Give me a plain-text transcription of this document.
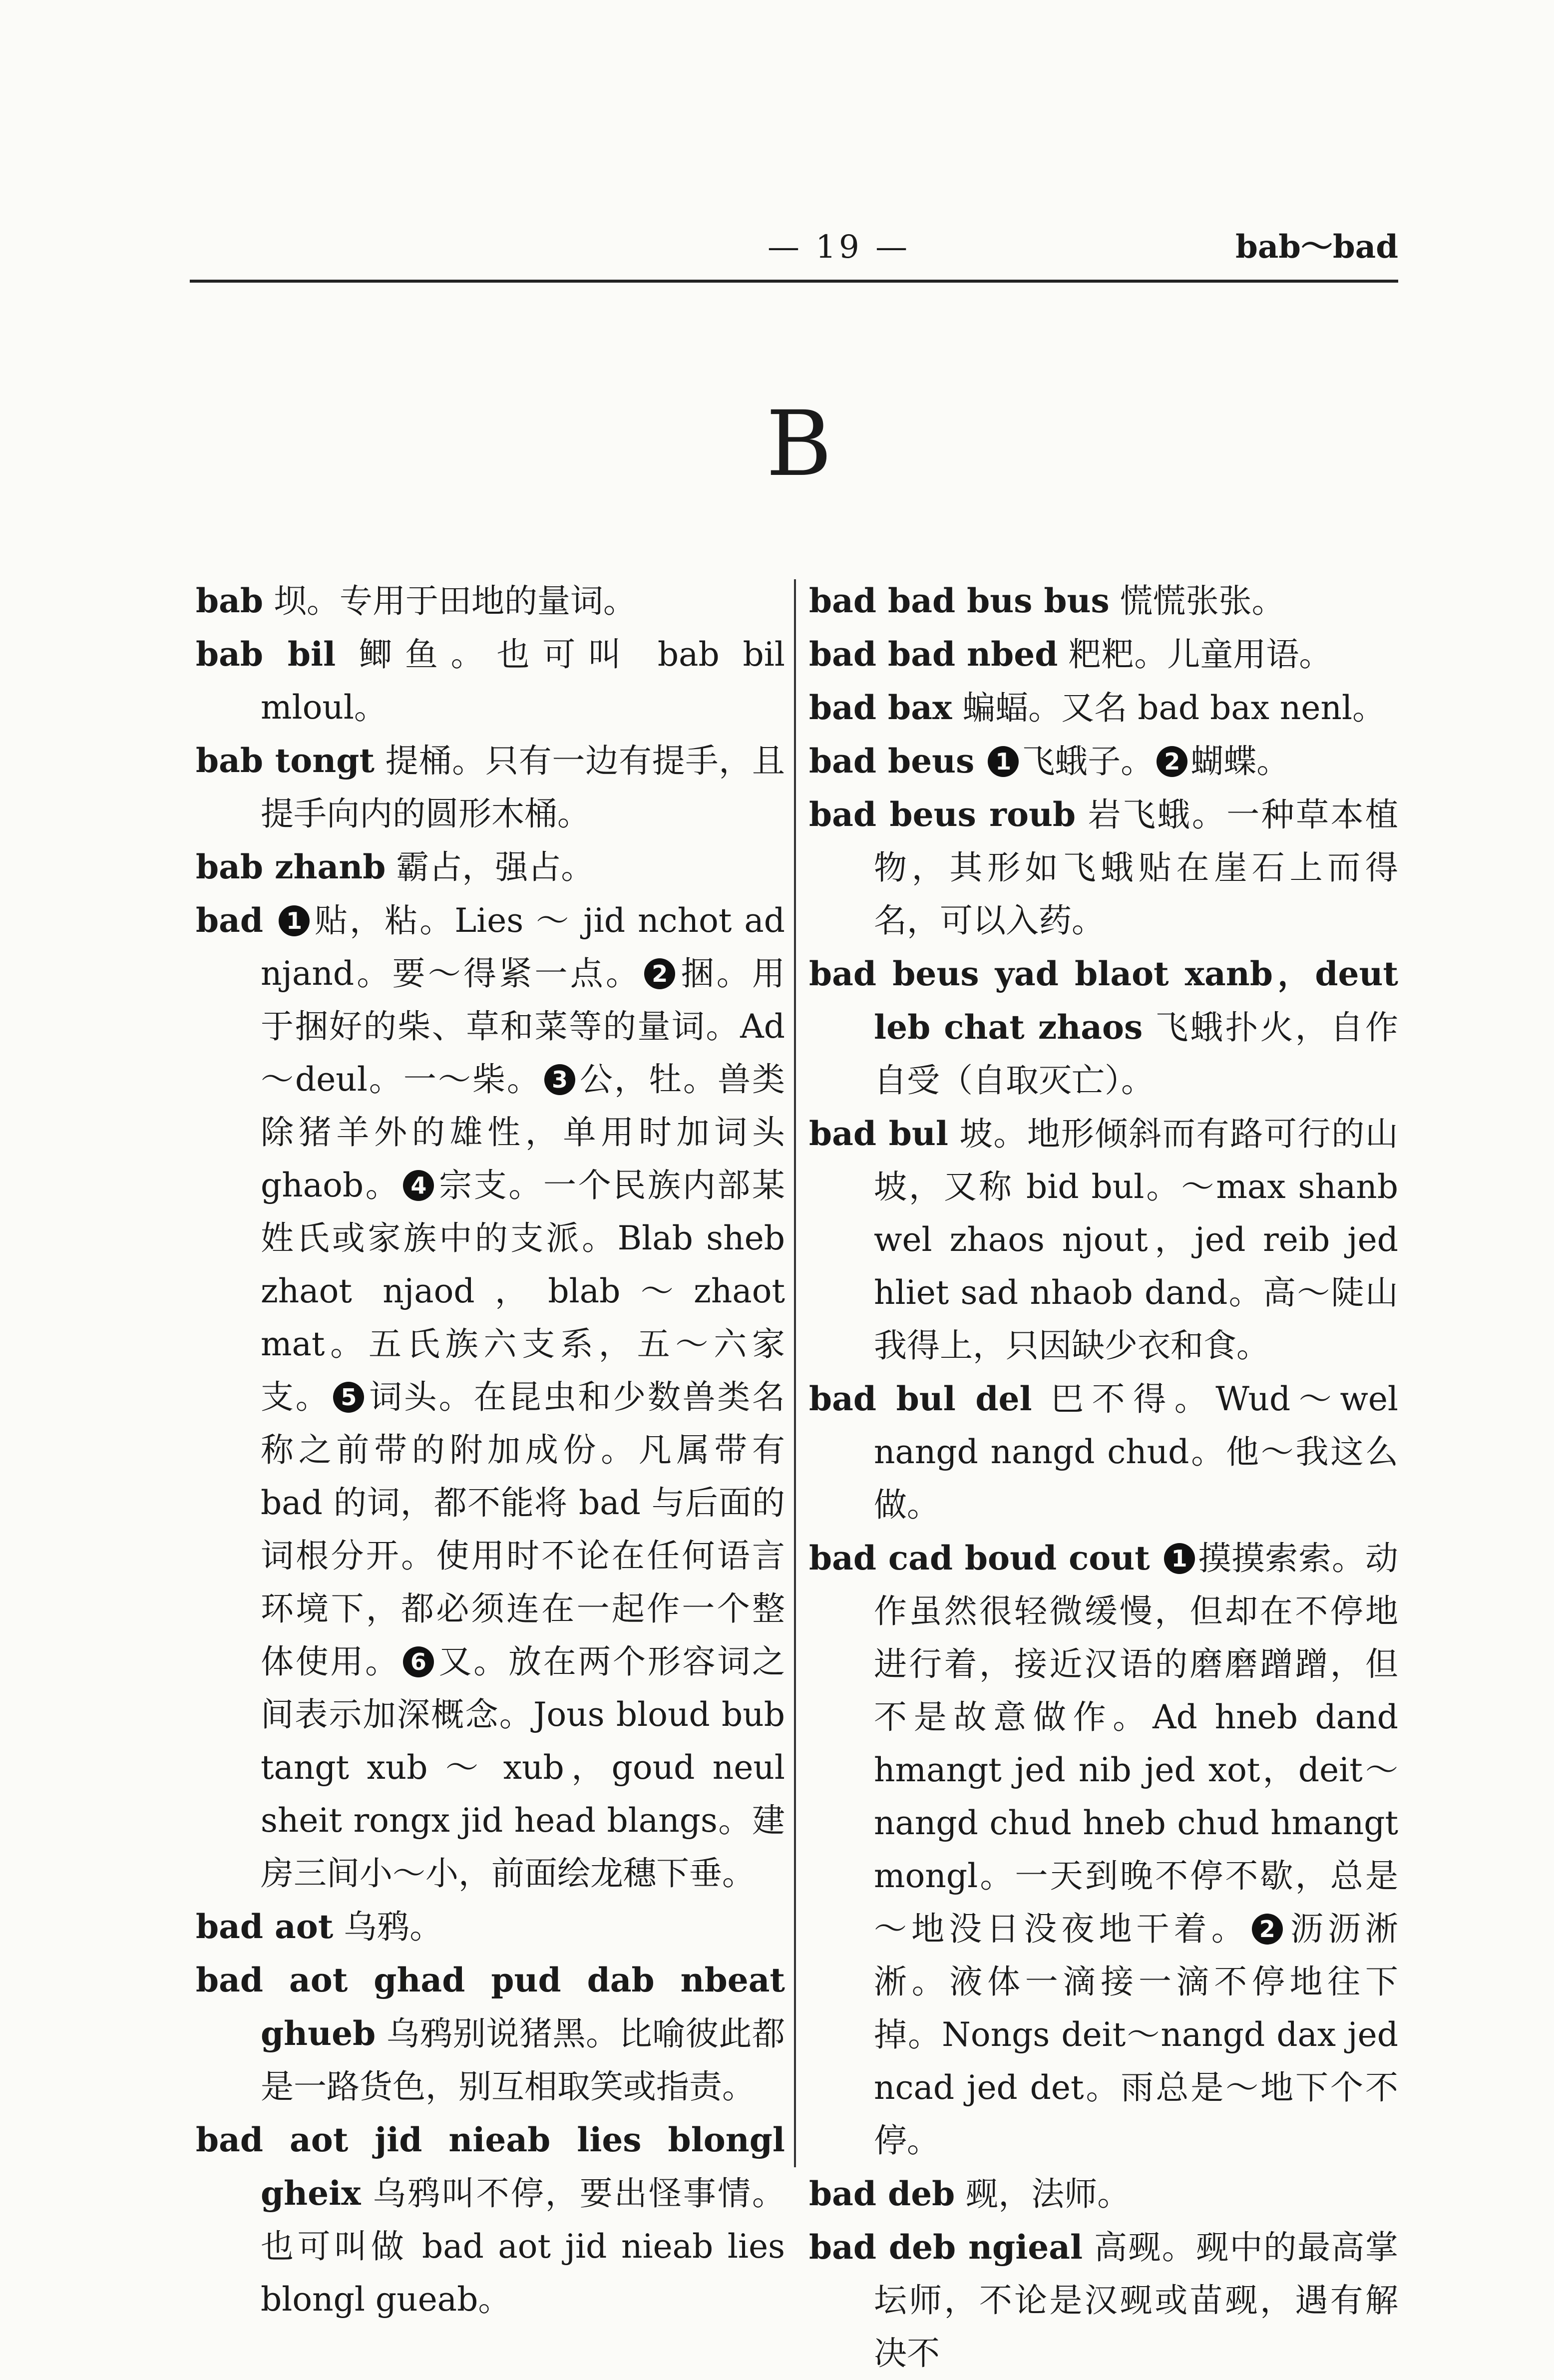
— 19 —	bab～bad
B

bab 坝。专用于田地的量词。

bab bil 鲫鱼。也可叫 bab bil mloul。

bab tongt 提桶。只有一边有提手，且提手向内的圆形木桶。

bab zhanb 霸占，强占。

bad 1 贴，粘。Lies ～ jid nchot ad njand。要～得紧一点。 2 捆。用于捆好的柴、草和菜等的量词。Ad～deul。一～柴。 3 公，牡。兽类除猪羊外的雄性，单用时加词头 ghaob。 4 宗支。一个民族内部某姓氏或家族中的支派。Blab sheb zhaot njaod，blab～zhaot mat。五氏族六支系，五～六家支。 5 词头。在昆虫和少数兽类名称之前带的附加成份。凡属带有 bad 的词，都不能将 bad 与后面的词根分开。使用时不论在任何语言环境下，都必须连在一起作一个整体使用。 6 又。放在两个形容词之间表示加深概念。Jous bloud bub tangt xub ～ xub，goud neul sheit rongx jid head blangs。建房三间小～小，前面绘龙穗下垂。

bad aot 乌鸦。

bad aot ghad pud dab nbeat ghueb 乌鸦别说猪黑。比喻彼此都是一路货色，别互相取笑或指责。

bad aot jid nieab lies blongl gheix 乌鸦叫不停，要出怪事情。也可叫做 bad aot jid nieab lies blongl gueab。

bad bad bus bus 慌慌张张。

bad bad nbed 粑粑。儿童用语。

bad bax 蝙蝠。又名 bad bax nenl。

bad beus 1 飞蛾子。 2 蝴蝶。

bad beus roub 岩飞蛾。一种草本植物，其形如飞蛾贴在崖石上而得名，可以入药。

bad beus yad blaot xanb，deut leb chat zhaos 飞蛾扑火，自作自受（自取灭亡）。

bad bul 坡。地形倾斜而有路可行的山坡，又称 bid bul。～max shanb wel zhaos njout，jed reib jed hliet sad nhaob dand。高～陡山我得上，只因缺少衣和食。

bad bul del 巴不得。Wud～wel nangd nangd chud。他～我这么做。

bad cad boud cout 1 摸摸索索。动作虽然很轻微缓慢，但却在不停地进行着，接近汉语的磨磨蹭蹭，但不是故意做作。Ad hneb dand hmangt jed nib jed xot，deit～nangd chud hneb chud hmangt mongl。一天到晚不停不歇，总是～地没日没夜地干着。 2 沥沥淅淅。液体一滴接一滴不停地往下掉。Nongs deit～nangd dax jed ncad jed det。雨总是～地下个不停。

bad deb 觋，法师。

bad deb ngieal 高觋。觋中的最高掌坛师，不论是汉觋或苗觋，遇有解决不
